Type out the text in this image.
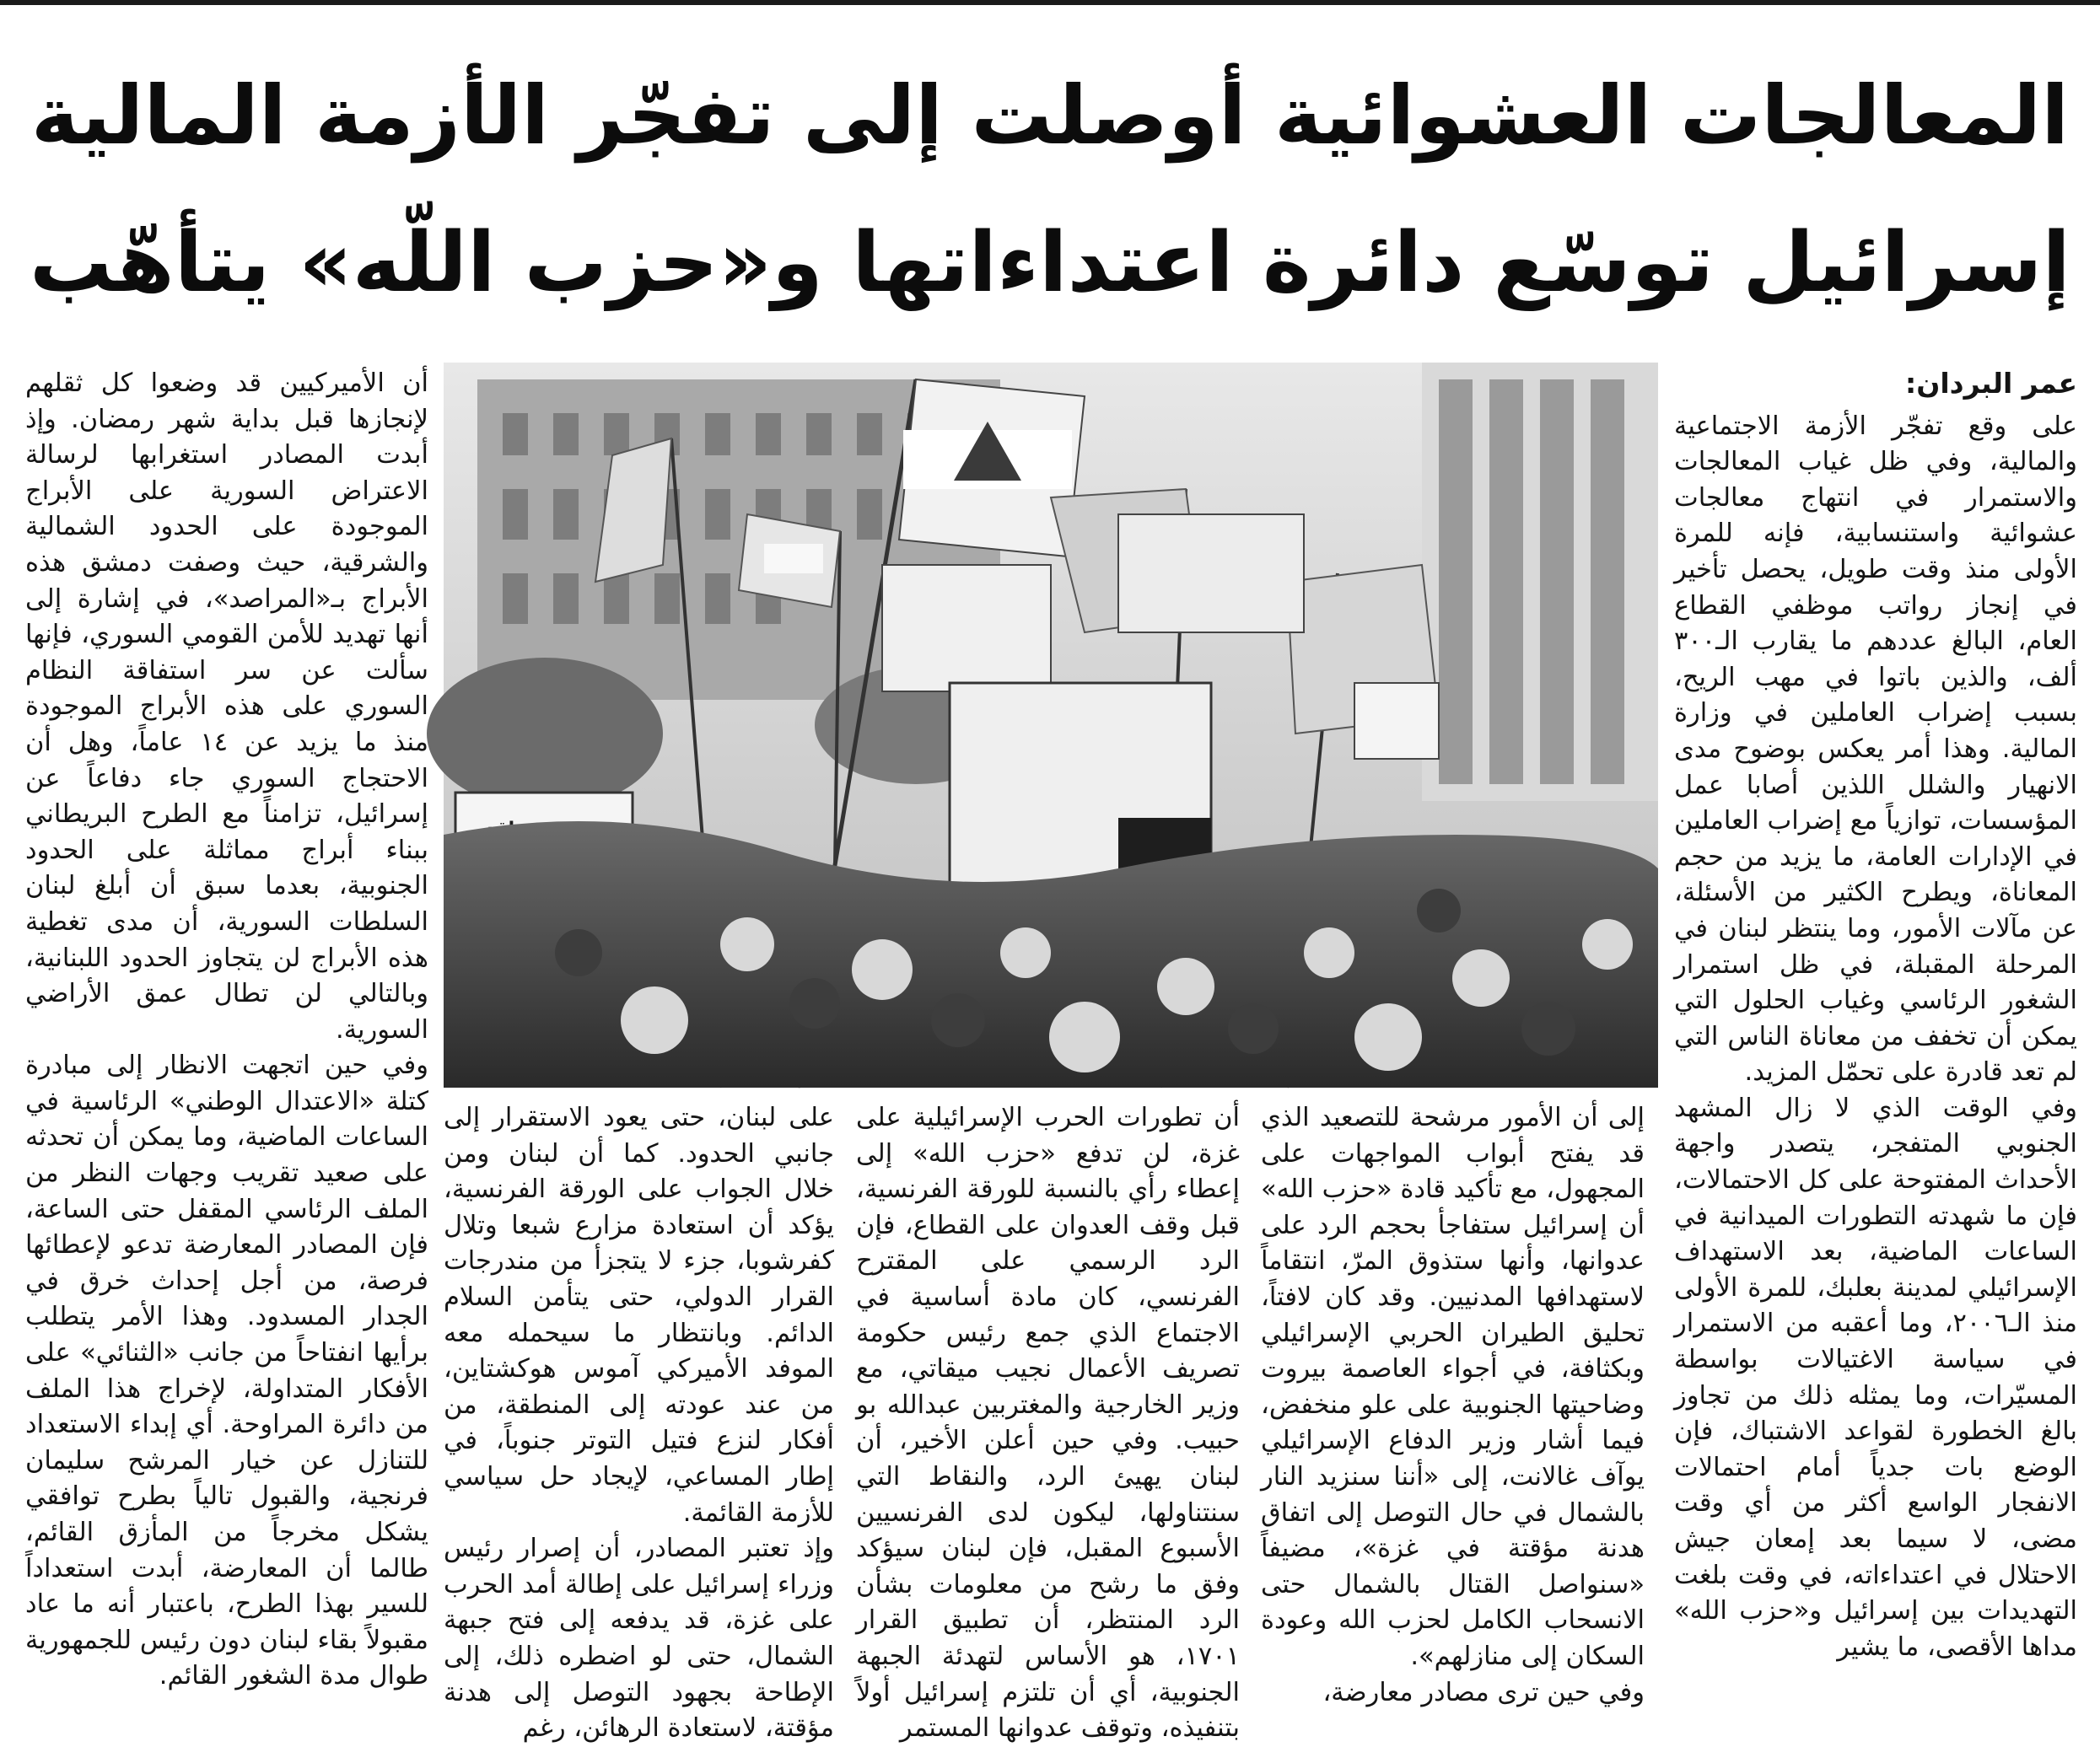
المعالجات العشوائية أوصلت إلى تفجّر الأزمة المالية
إسرائيل توسّع دائرة اعتداءاتها و«حزب اللّه» يتأهّب

عمر البردان:

على وقع تفجّر الأزمة الاجتماعية والمالية، وفي ظل غياب المعالجات والاستمرار في انتهاج معالجات عشوائية واستنسابية، فإنه للمرة الأولى منذ وقت طويل، يحصل تأخير في إنجاز رواتب موظفي القطاع العام، البالغ عددهم ما يقارب الـ٣٠٠ ألف، والذين باتوا في مهب الريح، بسبب إضراب العاملين في وزارة المالية. وهذا أمر يعكس بوضوح مدى الانهيار والشلل اللذين أصابا عمل المؤسسات، توازياً مع إضراب العاملين في الإدارات العامة، ما يزيد من حجم المعاناة، ويطرح الكثير من الأسئلة، عن مآلات الأمور، وما ينتظر لبنان في المرحلة المقبلة، في ظل استمرار الشغور الرئاسي وغياب الحلول التي يمكن أن تخفف من معاناة الناس التي لم تعد قادرة على تحمّل المزيد.

وفي الوقت الذي لا زال المشهد الجنوبي المتفجر، يتصدر واجهة الأحداث المفتوحة على كل الاحتمالات، فإن ما شهدته التطورات الميدانية في الساعات الماضية، بعد الاستهداف الإسرائيلي لمدينة بعلبك، للمرة الأولى منذ الـ٢٠٠٦، وما أعقبه من الاستمرار في سياسة الاغتيالات بواسطة المسيّرات، وما يمثله ذلك من تجاوز بالغ الخطورة لقواعد الاشتباك، فإن الوضع بات جدياً أمام احتمالات الانفجار الواسع أكثر من أي وقت مضى، لا سيما بعد إمعان جيش الاحتلال في اعتداءاته، في وقت بلغت التهديدات بين إسرائيل و«حزب الله» مداها الأقصى، ما يشير

إلى أن الأمور مرشحة للتصعيد الذي قد يفتح أبواب المواجهات على المجهول، مع تأكيد قادة «حزب الله» أن إسرائيل ستفاجأ بحجم الرد على عدوانها، وأنها ستذوق المرّ، انتقاماً لاستهدافها المدنيين. وقد كان لافتاً، تحليق الطيران الحربي الإسرائيلي وبكثافة، في أجواء العاصمة بيروت وضاحيتها الجنوبية على علو منخفض، فيما أشار وزير الدفاع الإسرائيلي يوآف غالانت، إلى «أننا سنزيد النار بالشمال في حال التوصل إلى اتفاق هدنة مؤقتة في غزة»، مضيفاً «سنواصل القتال بالشمال حتى الانسحاب الكامل لحزب الله وعودة السكان إلى منازلهم».

وفي حين ترى مصادر معارضة،

أن تطورات الحرب الإسرائيلية على غزة، لن تدفع «حزب الله» إلى إعطاء رأي بالنسبة للورقة الفرنسية، قبل وقف العدوان على القطاع، فإن الرد الرسمي على المقترح الفرنسي، كان مادة أساسية في الاجتماع الذي جمع رئيس حكومة تصريف الأعمال نجيب ميقاتي، مع وزير الخارجية والمغتربين عبدالله بو حبيب. وفي حين أعلن الأخير، أن لبنان يهيئ الرد، والنقاط التي سنتناولها، ليكون لدى الفرنسيين الأسبوع المقبل، فإن لبنان سيؤكد وفق ما رشح من معلومات بشأن الرد المنتظر، أن تطبيق القرار ١٧٠١، هو الأساس لتهدئة الجبهة الجنوبية، أي أن تلتزم إسرائيل أولاً بتنفيذه، وتوقف عدوانها المستمر

على لبنان، حتى يعود الاستقرار إلى جانبي الحدود. كما أن لبنان ومن خلال الجواب على الورقة الفرنسية، يؤكد أن استعادة مزارع شبعا وتلال كفرشوبا، جزء لا يتجزأ من مندرجات القرار الدولي، حتى يتأمن السلام الدائم. وبانتظار ما سيحمله معه الموفد الأميركي آموس هوكشتاين، من عند عودته إلى المنطقة، من أفكار لنزع فتيل التوتر جنوباً، في إطار المساعي، لإيجاد حل سياسي للأزمة القائمة.

وإذ تعتبر المصادر، أن إصرار رئيس وزراء إسرائيل على إطالة أمد الحرب على غزة، قد يدفعه إلى فتح جبهة الشمال، حتى لو اضطره ذلك، إلى الإطاحة بجهود التوصل إلى هدنة مؤقتة، لاستعادة الرهائن، رغم

أن الأميركيين قد وضعوا كل ثقلهم لإنجازها قبل بداية شهر رمضان. وإذ أبدت المصادر استغرابها لرسالة الاعتراض السورية على الأبراج الموجودة على الحدود الشمالية والشرقية، حيث وصفت دمشق هذه الأبراج بـ«المراصد»، في إشارة إلى أنها تهديد للأمن القومي السوري، فإنها سألت عن سر استفاقة النظام السوري على هذه الأبراج الموجودة منذ ما يزيد عن ١٤ عاماً، وهل أن الاحتجاج السوري جاء دفاعاً عن إسرائيل، تزامناً مع الطرح البريطاني ببناء أبراج مماثلة على الحدود الجنوبية، بعدما سبق أن أبلغ لبنان السلطات السورية، أن مدى تغطية هذه الأبراج لن يتجاوز الحدود اللبنانية، وبالتالي لن تطال عمق الأراضي السورية.

وفي حين اتجهت الانظار إلى مبادرة كتلة «الاعتدال الوطني» الرئاسية في الساعات الماضية، وما يمكن أن تحدثه على صعيد تقريب وجهات النظر من الملف الرئاسي المقفل حتى الساعة، فإن المصادر المعارضة تدعو لإعطائها فرصة، من أجل إحداث خرق في الجدار المسدود. وهذا الأمر يتطلب برأيها انفتاحاً من جانب «الثنائي» على الأفكار المتداولة، لإخراج هذا الملف من دائرة المراوحة. أي إبداء الاستعداد للتنازل عن خيار المرشح سليمان فرنجية، والقبول تالياً بطرح توافقي يشكل مخرجاً من المأزق القائم، طالما أن المعارضة، أبدت استعداداً للسير بهذا الطرح، باعتبار أنه ما عاد مقبولاً بقاء لبنان دون رئيس للجمهورية طوال مدة الشغور القائم.
